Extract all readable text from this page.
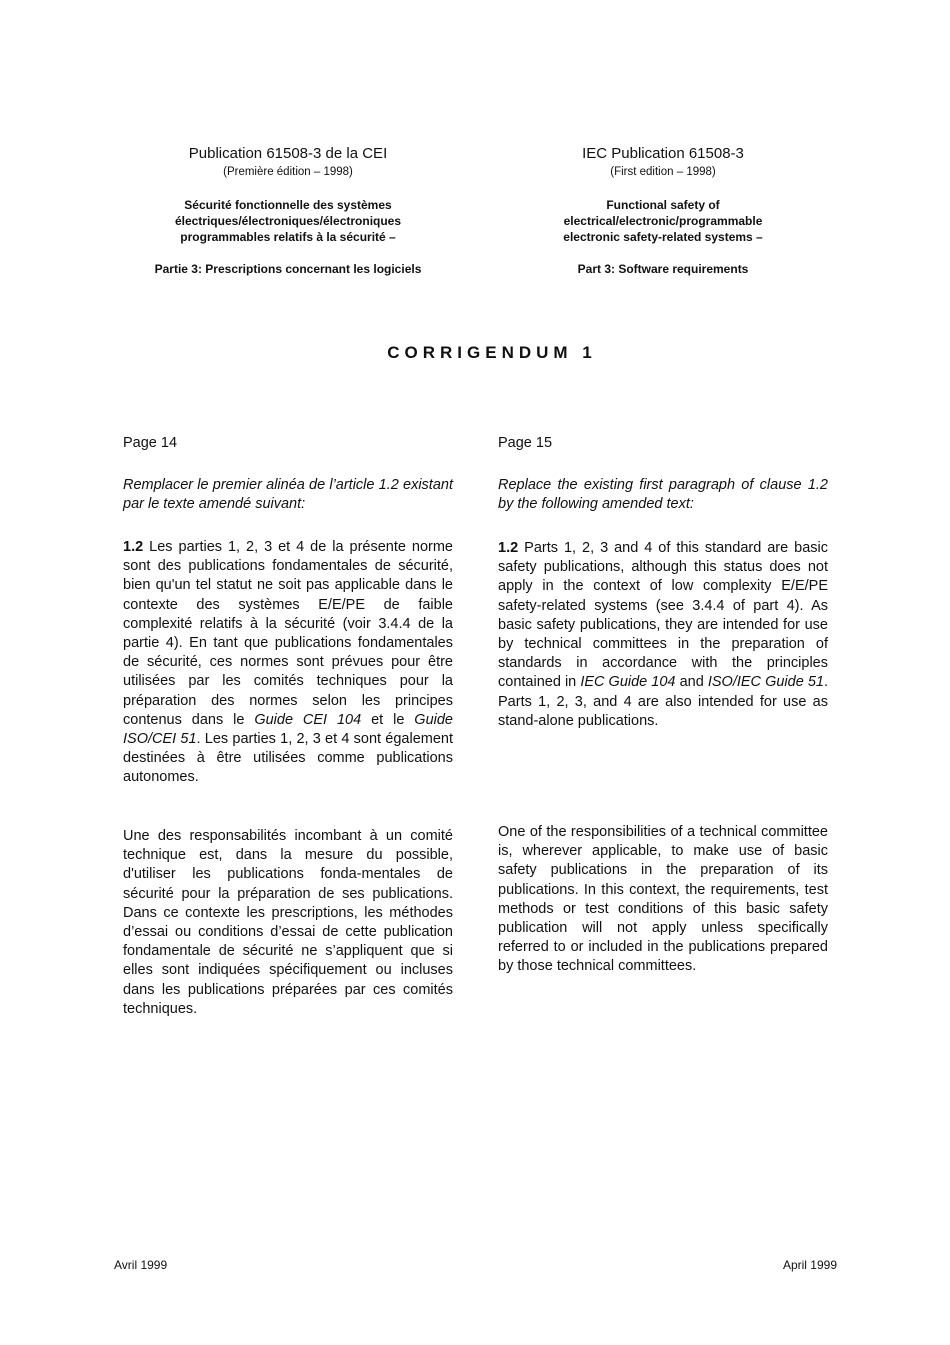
Publication 61508-3 de la CEI
(Première édition – 1998)
Sécurité fonctionnelle des systèmes
électriques/électroniques/électroniques
programmables relatifs à la sécurité –
Partie 3: Prescriptions concernant les logiciels
IEC Publication 61508-3
(First edition – 1998)
Functional safety of
electrical/electronic/programmable
electronic safety-related systems –
Part 3: Software requirements
CORRIGENDUM 1
Page 14
Remplacer le premier alinéa de l’article 1.2 existant par le texte amendé suivant:
1.2 Les parties 1, 2, 3 et 4 de la présente norme sont des publications fondamentales de sécurité, bien qu'un tel statut ne soit pas applicable dans le contexte des systèmes E/E/PE de faible complexité relatifs à la sécurité (voir 3.4.4 de la partie 4). En tant que publications fondamentales de sécurité, ces normes sont prévues pour être utilisées par les comités techniques pour la préparation des normes selon les principes contenus dans le Guide CEI 104 et le Guide ISO/CEI 51. Les parties 1, 2, 3 et 4 sont également destinées à être utilisées comme publications autonomes.
Une des responsabilités incombant à un comité technique est, dans la mesure du possible, d'utiliser les publications fonda-mentales de sécurité pour la préparation de ses publications. Dans ce contexte les prescriptions, les méthodes d’essai ou conditions d’essai de cette publication fondamentale de sécurité ne s’appliquent que si elles sont indiquées spécifiquement ou incluses dans les publications préparées par ces comités techniques.
Page 15
Replace the existing first paragraph of clause 1.2 by the following amended text:
1.2 Parts 1, 2, 3 and 4 of this standard are basic safety publications, although this status does not apply in the context of low complexity E/E/PE safety-related systems (see 3.4.4 of part 4). As basic safety publications, they are intended for use by technical committees in the preparation of standards in accordance with the principles contained in IEC Guide 104 and ISO/IEC Guide 51. Parts 1, 2, 3, and 4 are also intended for use as stand-alone publications.
One of the responsibilities of a technical committee is, wherever applicable, to make use of basic safety publications in the preparation of its publications. In this context, the requirements, test methods or test conditions of this basic safety publication will not apply unless specifically referred to or included in the publications prepared by those technical committees.
Avril 1999	April 1999
